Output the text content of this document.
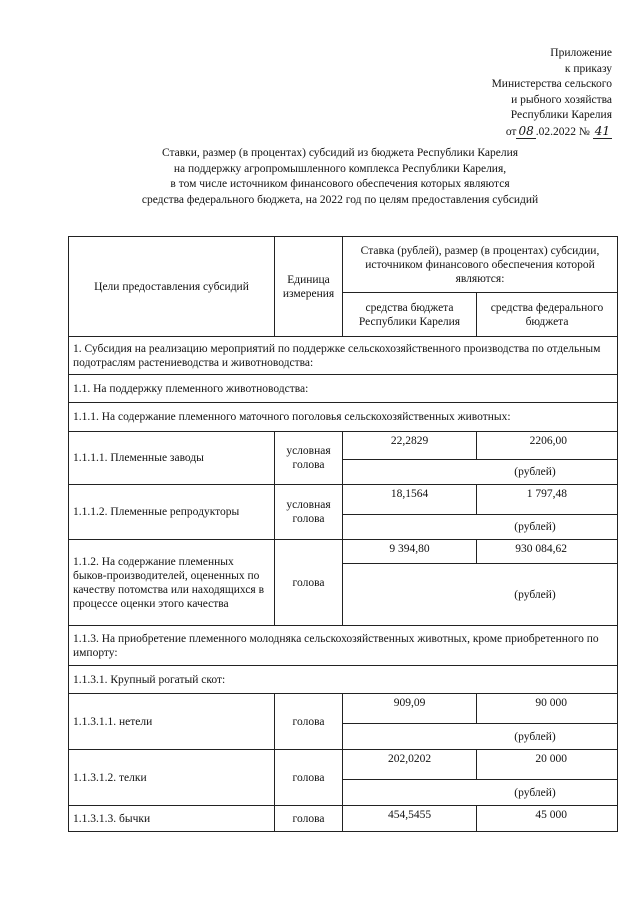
Приложение
к приказу
Министерства сельского
и рыбного хозяйства
Республики Карелия
от 08 .02.2022 № 41
Ставки, размер (в процентах) субсидий из бюджета Республики Карелия
на поддержку агропромышленного комплекса Республики Карелия,
в том числе источником финансового обеспечения которых являются
средства федерального бюджета, на 2022 год по целям предоставления субсидий
Цели предоставления субсидий	Единица измерения	Ставка (рублей), размер (в процентах) субсидии, источником финансового обеспечения которой являются:	
		средства бюджета Республики Карелия	средства федерального бюджета
1. Субсидия на реализацию мероприятий по поддержке сельскохозяйственного производства по отдельным подотраслям растениеводства и животноводства:			
1.1. На поддержку племенного животноводства:			
1.1.1. На содержание племенного маточного поголовья сельскохозяйственных животных:			
1.1.1.1. Племенные заводы	условная голова	22,2829	2206,00
		(рублей)	
1.1.1.2. Племенные репродукторы	условная голова	18,1564	1 797,48
		(рублей)	
1.1.2. На содержание племенных быков-производителей, оцененных по качеству потомства или находящихся в процессе оценки этого качества	голова	9 394,80	930 084,62
		(рублей)	
1.1.3. На приобретение племенного молодняка сельскохозяйственных животных, кроме приобретенного по импорту:			
1.1.3.1. Крупный рогатый скот:			
1.1.3.1.1. нетели	голова	909,09	90 000
		(рублей)	
1.1.3.1.2. телки	голова	202,0202	20 000
		(рублей)	
1.1.3.1.3. бычки	голова	454,5455	45 000
